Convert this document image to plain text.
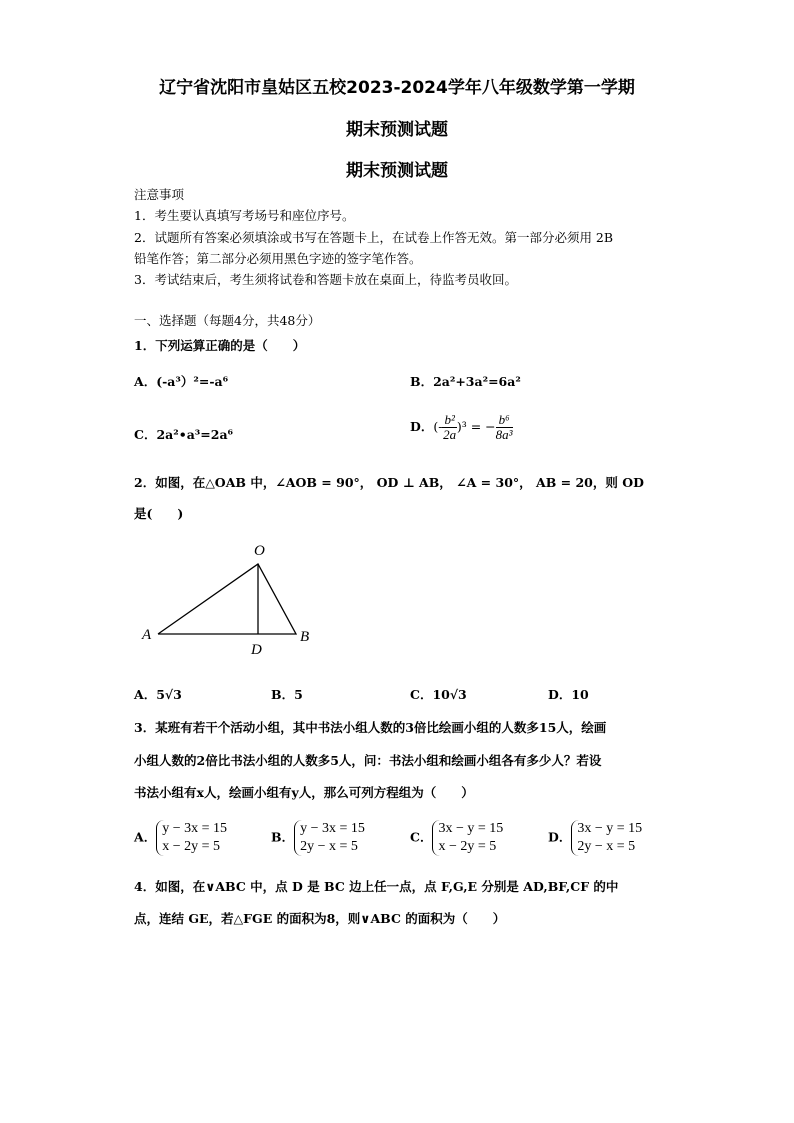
辽宁省沈阳市皇姑区五校2023-2024学年八年级数学第一学期
期末预测试题
期末预测试题
注意事项
1．考生要认真填写考场号和座位序号。
2．试题所有答案必须填涂或书写在答题卡上，在试卷上作答无效。第一部分必须用 2B
铅笔作答；第二部分必须用黑色字迹的签字笔作答。
3．考试结束后，考生须将试卷和答题卡放在桌面上，待监考员收回。
一、选择题（每题4分，共48分）
1．下列运算正确的是（　　）
A．(-a³）²=-a⁶	B．2a²+3a²=6a²
C．2a²•a³=2a⁶
D．(- $\frac{\text{b²}}{2a} )^3$ = − $\frac{\text{b⁶}}{\text{8a³}}$
2．如图，在△OAB 中，∠AOB = 90°， OD ⊥ AB， ∠A = 30°， AB = 20，则 OD
是(　　)
O
A	B
D
A．5√3	B．5	C．10√3	D．10
3．某班有若干个活动小组，其中书法小组人数的3倍比绘画小组的人数多15人，绘画
小组人数的2倍比书法小组的人数多5人，问：书法小组和绘画小组各有多少人？若设
书法小组有x人，绘画小组有y人，那么可列方程组为（　　）
A．
y − 3x = 15
x − 2y = 5
B．
y − 3x = 15
2y − x = 5
C．
3x − y = 15
x − 2y = 5
D．
3x − y = 15
2y − x = 5
4．如图，在∨ABC 中，点 D 是 BC 边上任一点，点 F,G,E 分别是 AD,BF,CF 的中
点，连结 GE，若△FGE 的面积为8，则∨ABC 的面积为（　　）
